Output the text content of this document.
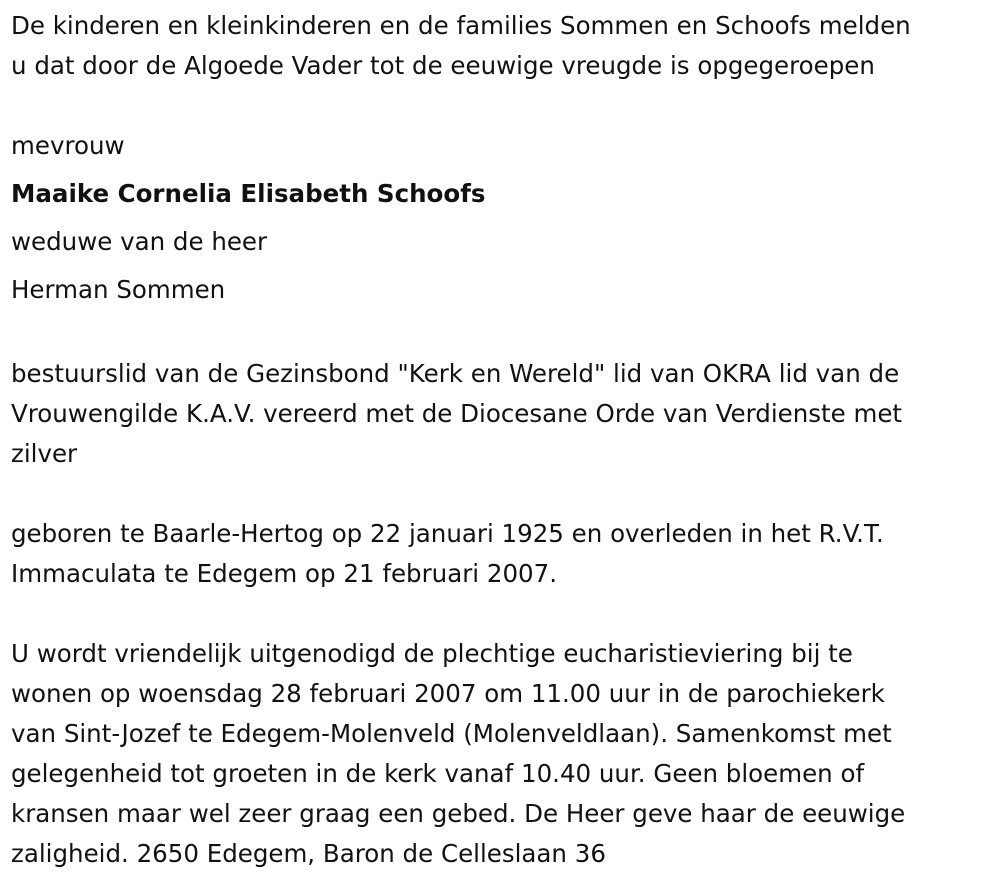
De kinderen en kleinkinderen en de families Sommen en Schoofs melden
u dat door de Algoede Vader tot de eeuwige vreugde is opgegeroepen

mevrouw

Maaike Cornelia Elisabeth Schoofs

weduwe van de heer

Herman Sommen

bestuurslid van de Gezinsbond "Kerk en Wereld" lid van OKRA lid van de
Vrouwengilde K.A.V. vereerd met de Diocesane Orde van Verdienste met
zilver

geboren te Baarle-Hertog op 22 januari 1925 en overleden in het R.V.T.
Immaculata te Edegem op 21 februari 2007.

U wordt vriendelijk uitgenodigd de plechtige eucharistieviering bij te
wonen op woensdag 28 februari 2007 om 11.00 uur in de parochiekerk
van Sint-Jozef te Edegem-Molenveld (Molenveldlaan). Samenkomst met
gelegenheid tot groeten in de kerk vanaf 10.40 uur. Geen bloemen of
kransen maar wel zeer graag een gebed. De Heer geve haar de eeuwige
zaligheid. 2650 Edegem, Baron de Celleslaan 36
